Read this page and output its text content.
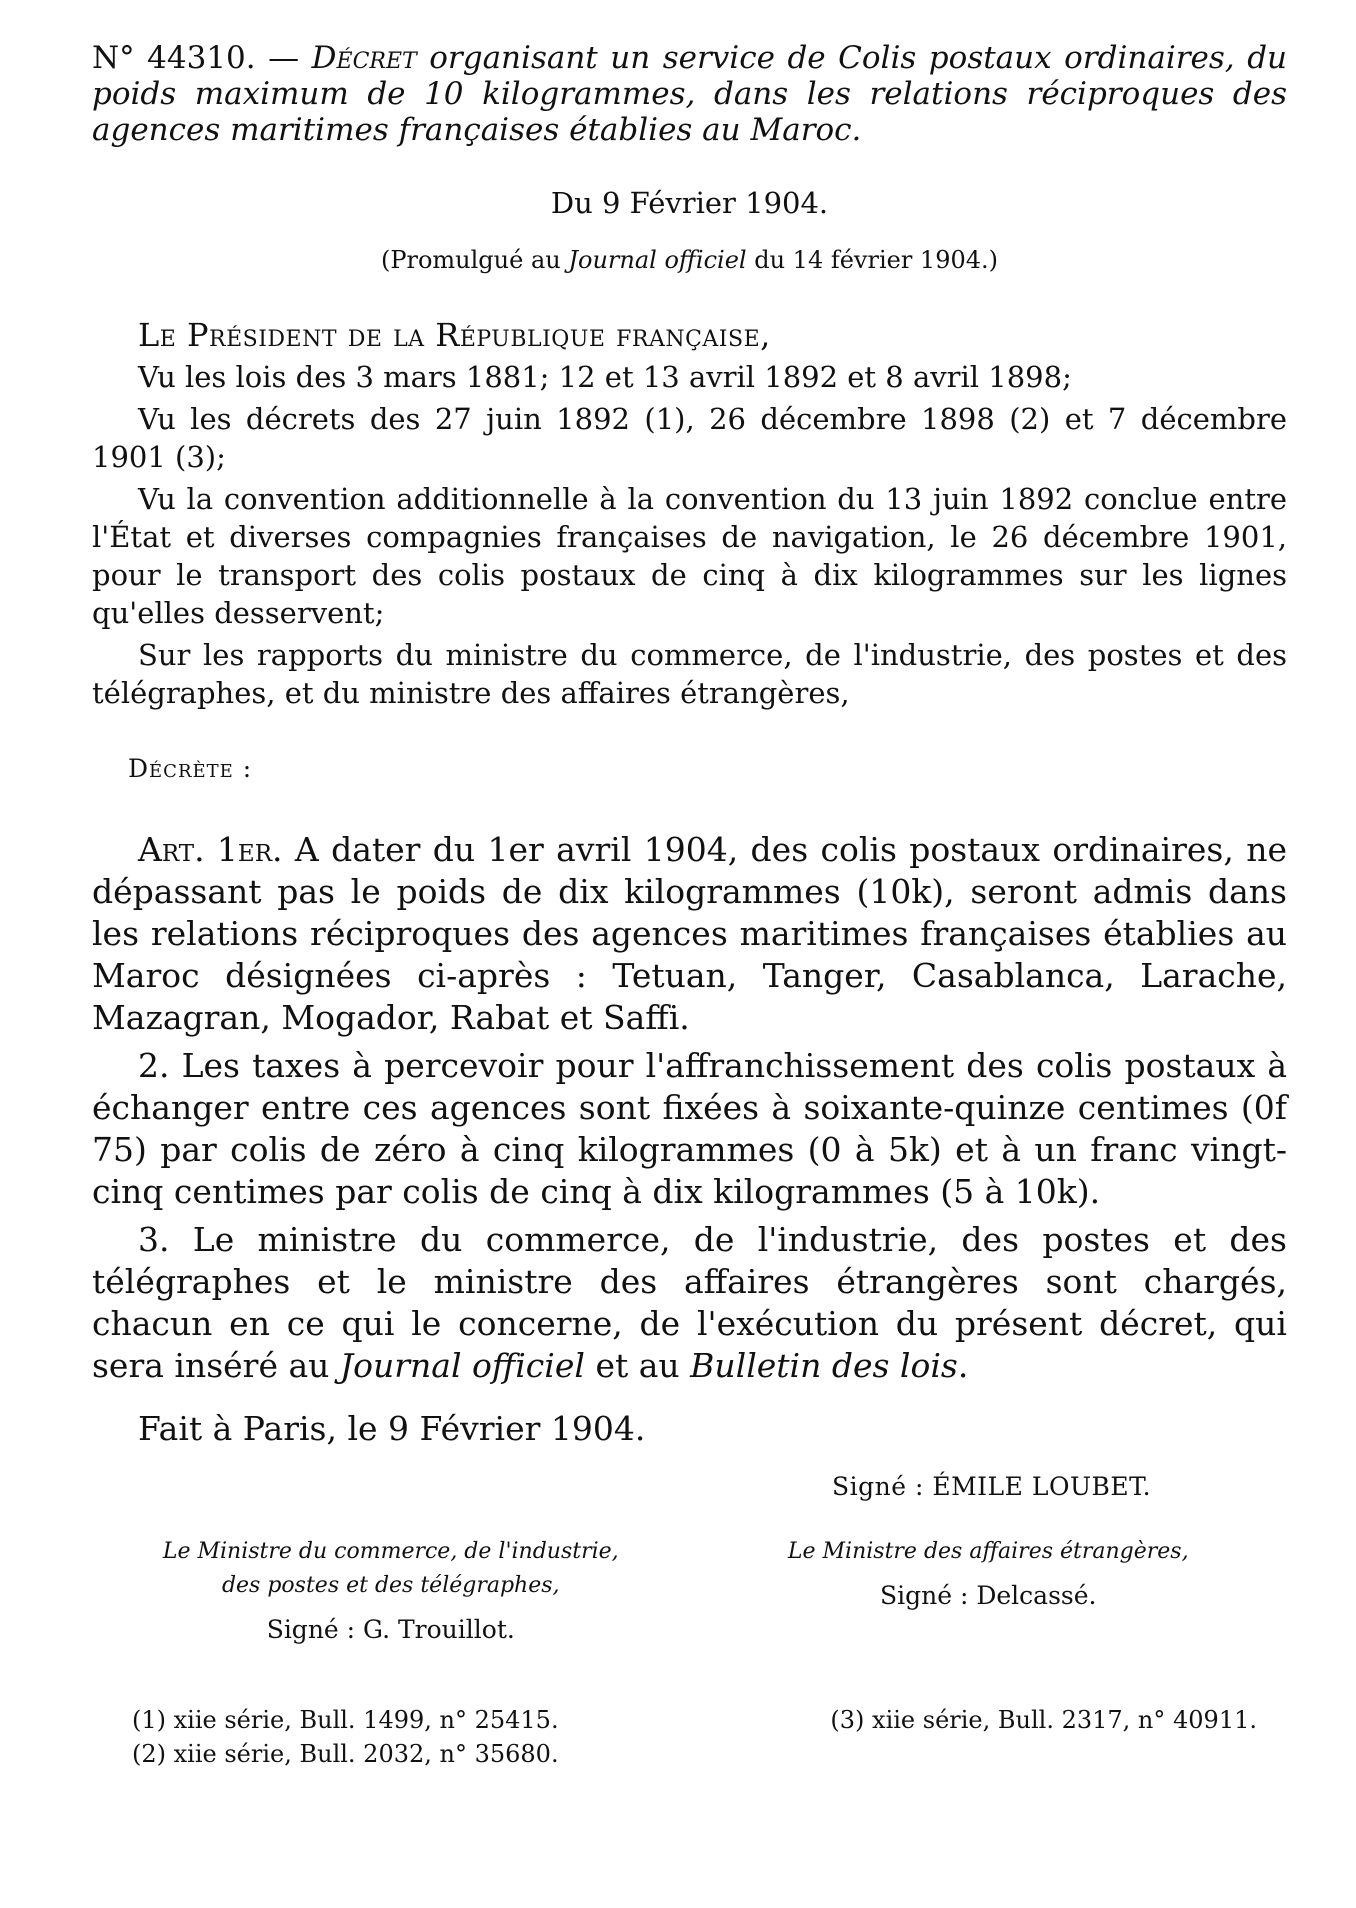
N° 44310. — Décret organisant un service de Colis postaux ordinaires, du poids maximum de 10 kilogrammes, dans les relations réciproques des agences maritimes françaises établies au Maroc.

Du 9 Février 1904.
(Promulgué au Journal officiel du 14 février 1904.)
Le Président de la République française,

Vu les lois des 3 mars 1881; 12 et 13 avril 1892 et 8 avril 1898;

Vu les décrets des 27 juin 1892 (1), 26 décembre 1898 (2) et 7 décembre 1901 (3);

Vu la convention additionnelle à la convention du 13 juin 1892 conclue entre l'État et diverses compagnies françaises de navigation, le 26 décembre 1901, pour le transport des colis postaux de cinq à dix kilogrammes sur les lignes qu'elles desservent;

Sur les rapports du ministre du commerce, de l'industrie, des postes et des télégraphes, et du ministre des affaires étrangères,

Décrète :

Art. 1er. A dater du 1er avril 1904, des colis postaux ordinaires, ne dépassant pas le poids de dix kilogrammes (10k), seront admis dans les relations réciproques des agences maritimes françaises établies au Maroc désignées ci-après : Tetuan, Tanger, Casablanca, Larache, Mazagran, Mogador, Rabat et Saffi.

2. Les taxes à percevoir pour l'affranchissement des colis postaux à échanger entre ces agences sont fixées à soixante-quinze centimes (0f 75) par colis de zéro à cinq kilogrammes (0 à 5k) et à un franc vingt-cinq centimes par colis de cinq à dix kilogrammes (5 à 10k).

3. Le ministre du commerce, de l'industrie, des postes et des télégraphes et le ministre des affaires étrangères sont chargés, chacun en ce qui le concerne, de l'exécution du présent décret, qui sera inséré au Journal officiel et au Bulletin des lois.

Fait à Paris, le 9 Février 1904.
Signé : ÉMILE LOUBET.
Le Ministre du commerce, de l'industrie,
des postes et des télégraphes,
Signé : G. Trouillot.
Le Ministre des affaires étrangères,
Signé : Delcassé.
(1) xiie série, Bull. 1499, n° 25415.
(2) xiie série, Bull. 2032, n° 35680.
(3) xiie série, Bull. 2317, n° 40911.
